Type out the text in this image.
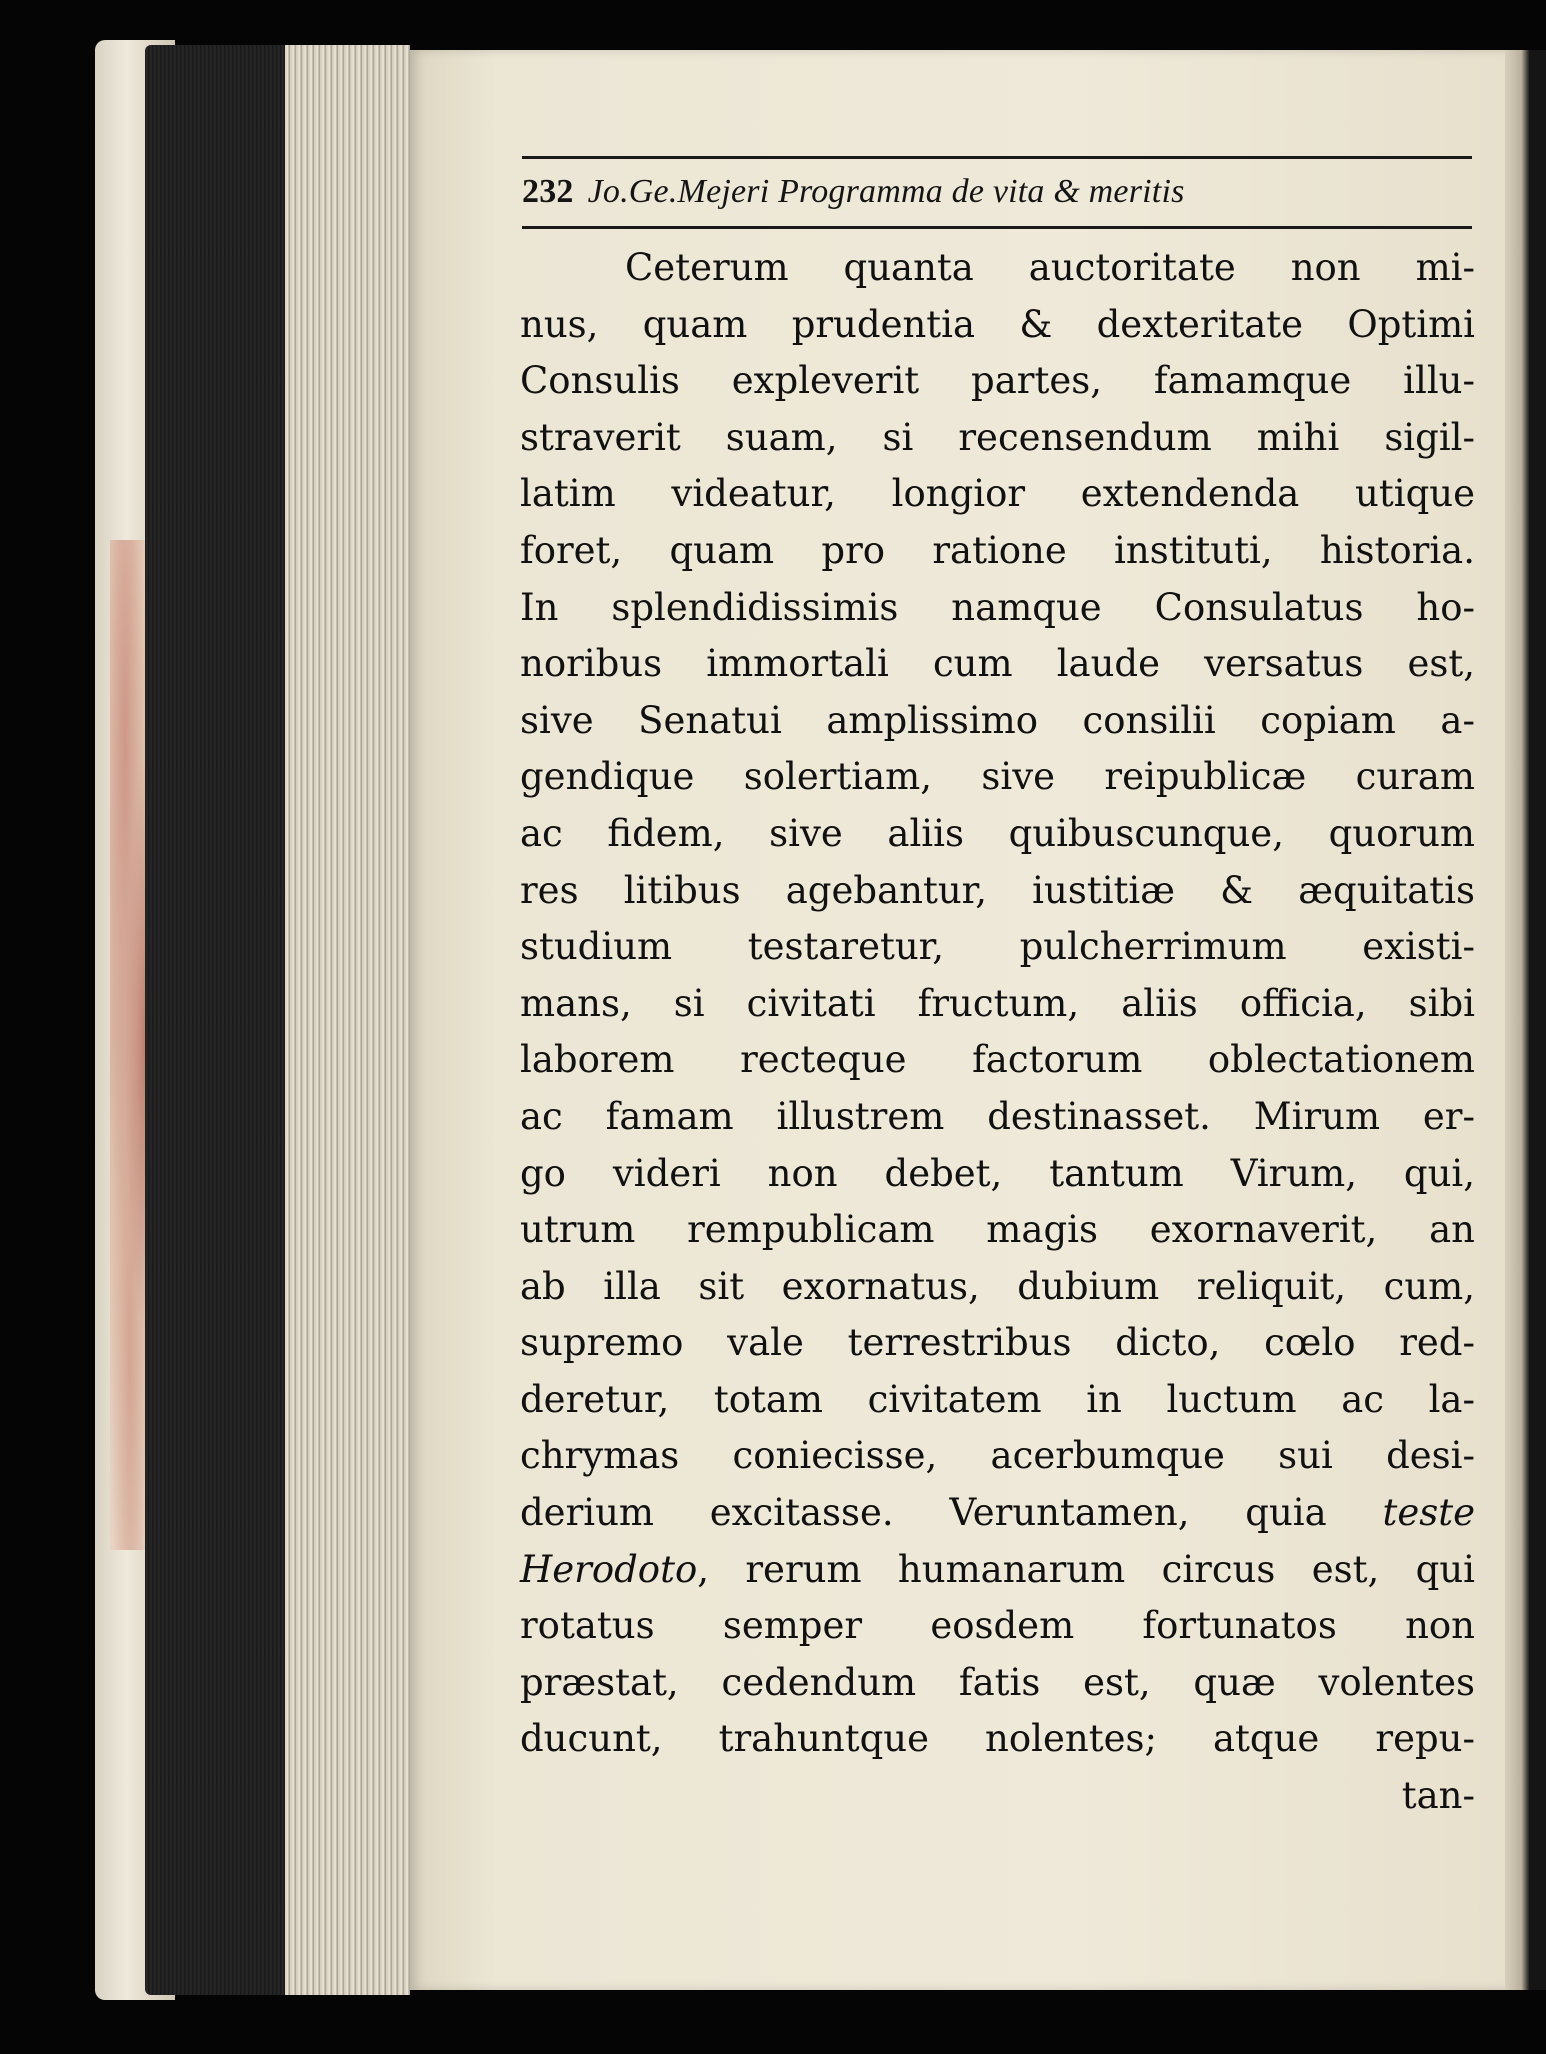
232 Jo.Ge.Mejeri Programma de vita & meritis
Ceterum quanta auctoritate non mi-
nus, quam prudentia & dexteritate Optimi
Consulis expleverit partes, famamque illu-
straverit suam, si recensendum mihi sigil-
latim videatur, longior extendenda utique
foret, quam pro ratione instituti, historia.
In splendidissimis namque Consulatus ho-
noribus immortali cum laude versatus est,
sive Senatui amplissimo consilii copiam a-
gendique solertiam, sive reipublicæ curam
ac fidem, sive aliis quibuscunque, quorum
res litibus agebantur, iustitiæ & æquitatis
studium testaretur, pulcherrimum existi-
mans, si civitati fructum, aliis officia, sibi
laborem recteque factorum oblectationem
ac famam illustrem destinasset. Mirum er-
go videri non debet, tantum Virum, qui,
utrum rempublicam magis exornaverit, an
ab illa sit exornatus, dubium reliquit, cum,
supremo vale terrestribus dicto, cœlo red-
deretur, totam civitatem in luctum ac la-
chrymas coniecisse, acerbumque sui desi-
derium excitasse. Veruntamen, quia teste
Herodoto, rerum humanarum circus est, qui
rotatus semper eosdem fortunatos non
præstat, cedendum fatis est, quæ volentes
ducunt, trahuntque nolentes; atque repu-
tan-
